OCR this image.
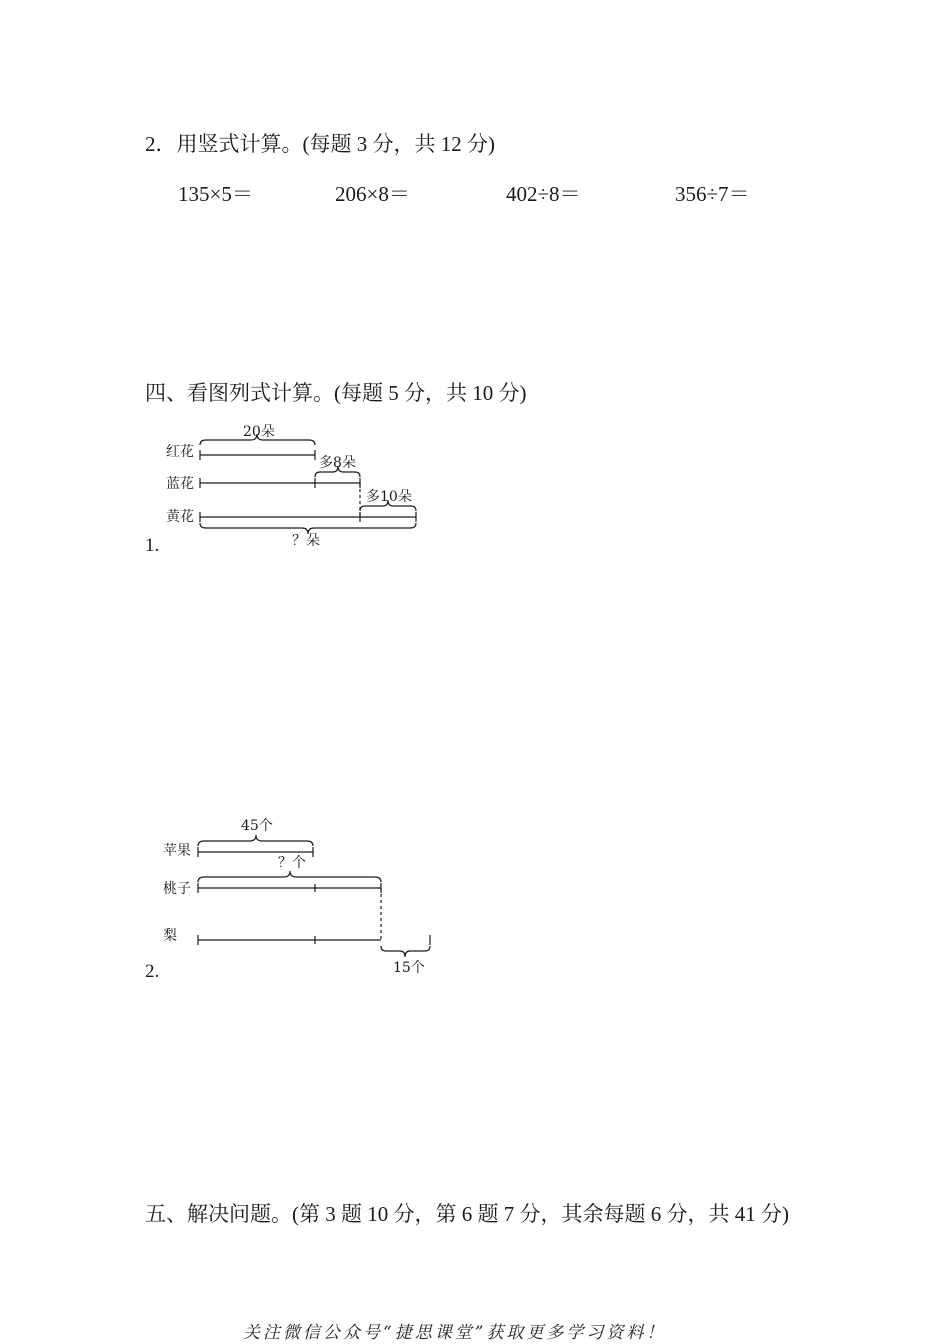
2．用竖式计算。(每题 3 分，共 12 分)
135×5＝	206×8＝	402÷8＝	356÷7＝
四、看图列式计算。(每题 5 分，共 10 分)
红花
蓝花
黄花
20朵
多8朵
多10朵
？朵
1.
苹果
桃子
梨
45个
？个
15个
2.
五、解决问题。(第 3 题 10 分，第 6 题 7 分，其余每题 6 分，共 41 分)
关注微信公众号“捷思课堂”获取更多学习资料！
